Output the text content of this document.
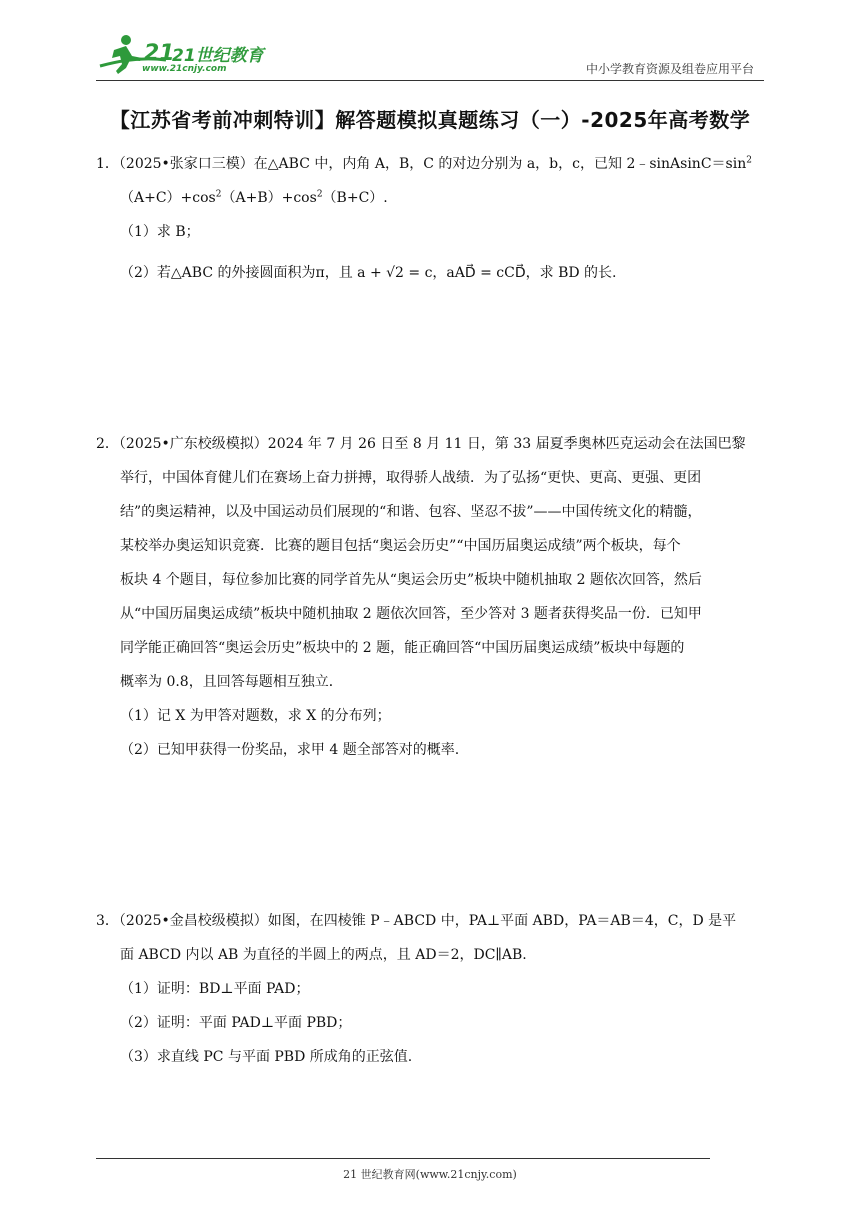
21
21世纪教育
www.21cnjy.com	中小学教育资源及组卷应用平台
【江苏省考前冲刺特训】解答题模拟真题练习（一）-2025年高考数学
1．（2025•张家口三模）在△ABC 中，内角 A，B，C 的对边分别为 a，b，c，已知 $2﹣sinAsinC=\sin^2$
$(A+C)+\cos^2(A+B)+\cos^2(B+C)$.
（1）求 B；
（2）若△ABC 的外接圆面积为π，且 a + √2 = c，aAD⃗ = cCD⃗，求 BD 的长.
2．（2025•广东校级模拟）2024 年 7 月 26 日至 8 月 11 日，第 33 届夏季奥林匹克运动会在法国巴黎
举行，中国体育健儿们在赛场上奋力拼搏，取得骄人战绩．为了弘扬“更快、更高、更强、更团
结”的奥运精神，以及中国运动员们展现的“和谐、包容、坚忍不拔”——中国传统文化的精髓，
某校举办奥运知识竞赛．比赛的题目包括“奥运会历史”“中国历届奥运成绩”两个板块，每个
板块 4 个题目，每位参加比赛的同学首先从“奥运会历史”板块中随机抽取 2 题依次回答，然后
从“中国历届奥运成绩”板块中随机抽取 2 题依次回答，至少答对 3 题者获得奖品一份．已知甲
同学能正确回答“奥运会历史”板块中的 2 题，能正确回答“中国历届奥运成绩”板块中每题的
概率为 0.8，且回答每题相互独立．
（1）记 X 为甲答对题数，求 X 的分布列；
（2）已知甲获得一份奖品，求甲 4 题全部答对的概率.
3．（2025•金昌校级模拟）如图，在四棱锥 P﹣ABCD 中，PA⊥平面 ABD，PA＝AB＝4，C，D 是平
面 ABCD 内以 AB 为直径的半圆上的两点，且 AD＝2，DC∥AB.
（1）证明：BD⊥平面 PAD；
（2）证明：平面 PAD⊥平面 PBD；
（3）求直线 PC 与平面 PBD 所成角的正弦值.
21 世纪教育网(www.21cnjy.com)
